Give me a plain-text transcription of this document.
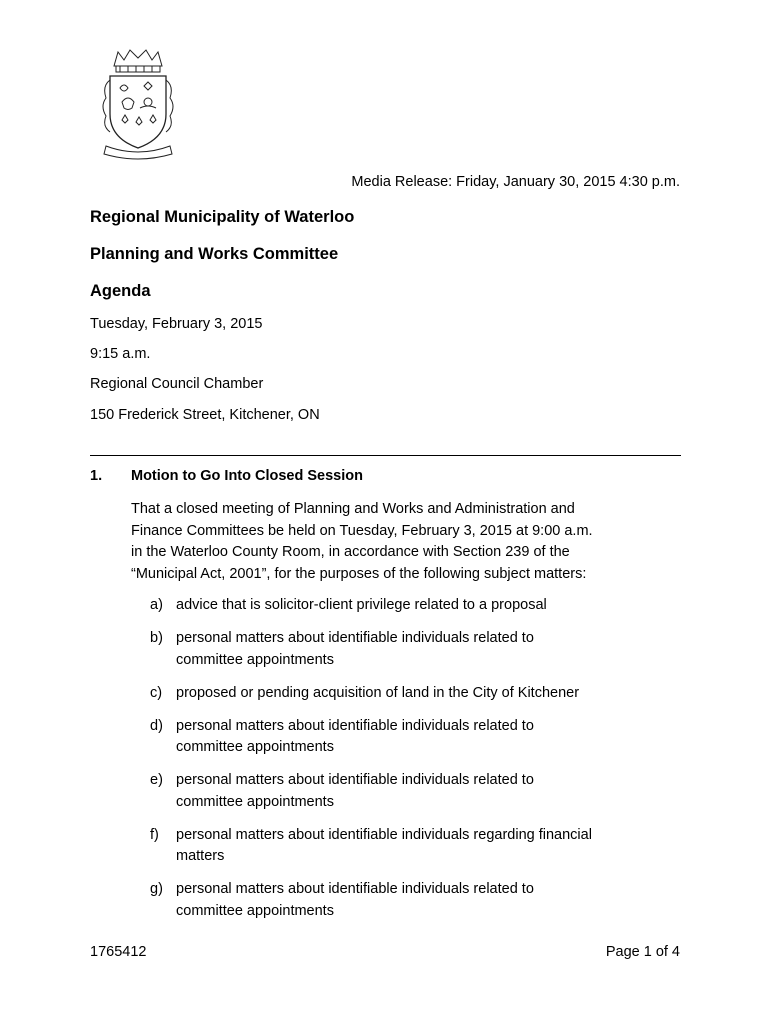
Media Release: Friday, January 30, 2015 4:30 p.m.
Regional Municipality of Waterloo
Planning and Works Committee
Agenda
Tuesday, February 3, 2015
9:15 a.m.
Regional Council Chamber
150 Frederick Street, Kitchener, ON
1. Motion to Go Into Closed Session

That a closed meeting of Planning and Works and Administration and
Finance Committees be held on Tuesday, February 3, 2015 at 9:00 a.m.
in the Waterloo County Room, in accordance with Section 239 of the
“Municipal Act, 2001”, for the purposes of the following subject matters:

a) advice that is solicitor-client privilege related to a proposal
b) personal matters about identifiable individuals related to
committee appointments
c) proposed or pending acquisition of land in the City of Kitchener
d) personal matters about identifiable individuals related to
committee appointments
e) personal matters about identifiable individuals related to
committee appointments
f)	personal matters about identifiable individuals regarding financial
matters
g) personal matters about identifiable individuals related to
committee appointments
1765412	Page 1 of 4
